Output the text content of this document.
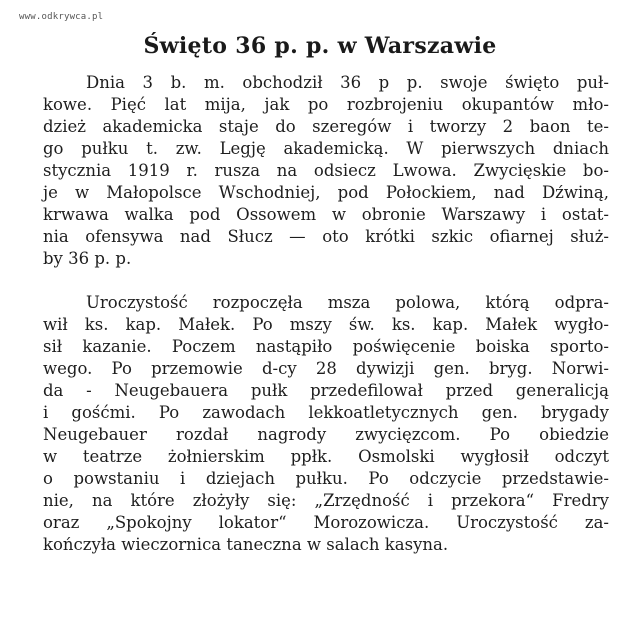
www.odkrywca.pl
Święto 36 p. p. w Warszawie
Dnia 3 b. m. obchodził 36 p p. swoje święto puł-
kowe. Pięć lat mija, jak po rozbrojeniu okupantów mło-
dzież akademicka staje do szeregów i tworzy 2 baon te-
go pułku t. zw. Legję akademicką. W pierwszych dniach
stycznia 1919 r. rusza na odsiecz Lwowa. Zwycięskie bo-
je w Małopolsce Wschodniej, pod Połockiem, nad Dźwiną,
krwawa walka pod Ossowem w obronie Warszawy i ostat-
nia ofensywa nad Słucz — oto krótki szkic ofiarnej służ-
by 36 p. p.
Uroczystość rozpoczęła msza polowa, którą odpra-
wił ks. kap. Małek. Po mszy św. ks. kap. Małek wygło-
sił kazanie. Poczem nastąpiło poświęcenie boiska sporto-
wego. Po przemowie d-cy 28 dywizji gen. bryg. Norwi-
da - Neugebauera pułk przedefilował przed generalicją
i gośćmi. Po zawodach lekkoatletycznych gen. brygady
Neugebauer rozdał nagrody zwycięzcom. Po obiedzie
w teatrze żołnierskim ppłk. Osmolski wygłosił odczyt
o powstaniu i dziejach pułku. Po odczycie przedstawie-
nie, na które złożyły się: „Zrzędność i przekora“ Fredry
oraz „Spokojny lokator“ Morozowicza. Uroczystość za-
kończyła wieczornica taneczna w salach kasyna.
